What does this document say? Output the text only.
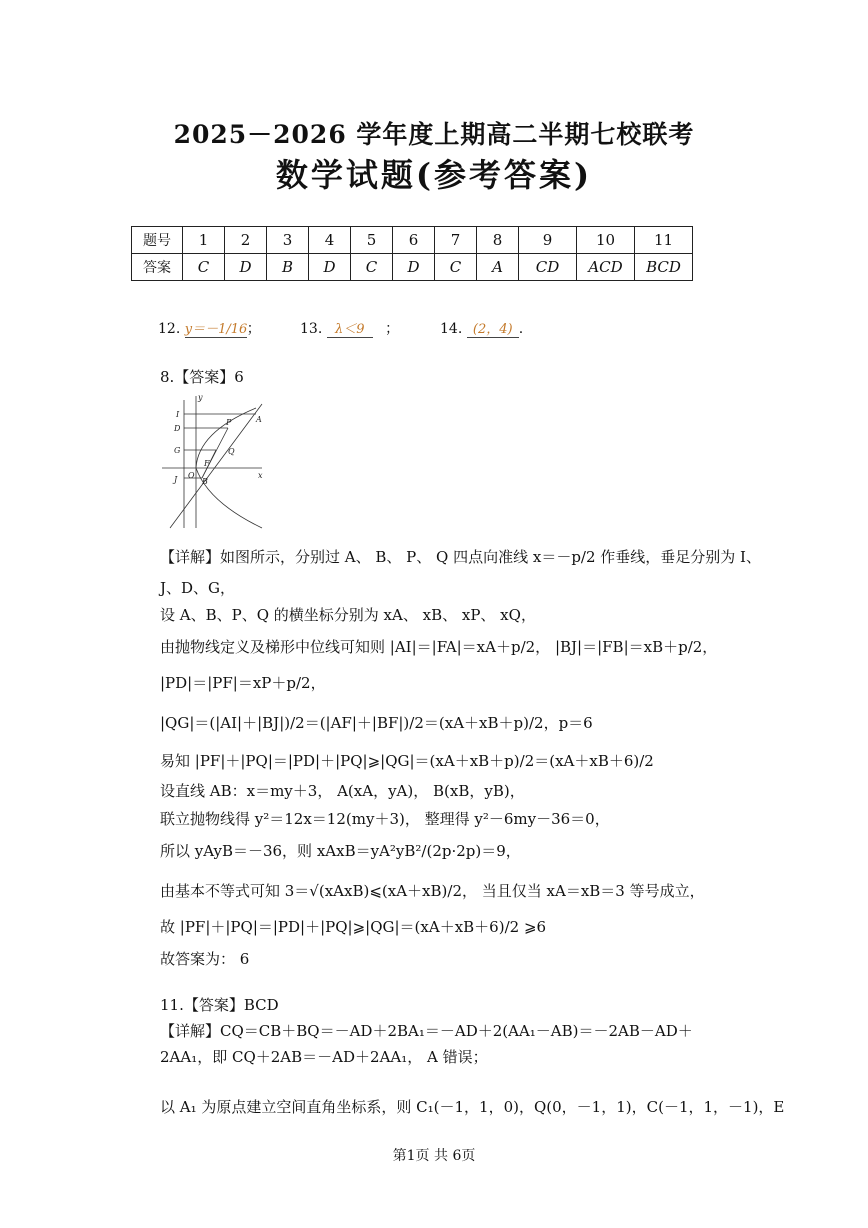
2025－2026 学年度上期高二半期七校联考
数学试题(参考答案)
题号	1	2	3	4	5	6	7	8	9	10	11
答案	C	D	B	D	C	D	C	A	CD	ACD	BCD
12. y＝－1/16；	13. λ＜9 ；	14. (2，4) .
8.【答案】6
y
x
I
D
G
J O
B
P
Q
A
F
【详解】如图所示，分别过 A、 B、 P、 Q 四点向准线 x＝－p/2 作垂线，垂足分别为 I、
J、D、G，
设 A、B、P、Q 的横坐标分别为 xA、 xB、 xP、 xQ，
由抛物线定义及梯形中位线可知则 |AI|＝|FA|＝xA＋p/2， |BJ|＝|FB|＝xB＋p/2，
|PD|＝|PF|＝xP＋p/2，
|QG|＝(|AI|＋|BJ|)/2＝(|AF|＋|BF|)/2＝(xA＋xB＋p)/2，p＝6
易知 |PF|＋|PQ|＝|PD|＋|PQ|⩾|QG|＝(xA＋xB＋p)/2＝(xA＋xB＋6)/2
设直线 AB：x＝my＋3， A(xA，yA)， B(xB，yB)，
联立抛物线得 y²＝12x＝12(my＋3)， 整理得 y²－6my－36＝0，
所以 yAyB＝－36，则 xAxB＝yA²yB²/(2p·2p)＝9，
由基本不等式可知 3＝√(xAxB)⩽(xA＋xB)/2， 当且仅当 xA＝xB＝3 等号成立，
故 |PF|＋|PQ|＝|PD|＋|PQ|⩾|QG|＝(xA＋xB＋6)/2 ⩾6
故答案为： 6
11.【答案】BCD
【详解】CQ＝CB＋BQ＝－AD＋2BA₁＝－AD＋2(AA₁－AB)＝－2AB－AD＋
2AA₁，即 CQ＋2AB＝－AD＋2AA₁， A 错误；
以 A₁ 为原点建立空间直角坐标系，则 C₁(－1，1，0)，Q(0，－1，1)，C(－1，1，－1)，E
第1页 共 6页
